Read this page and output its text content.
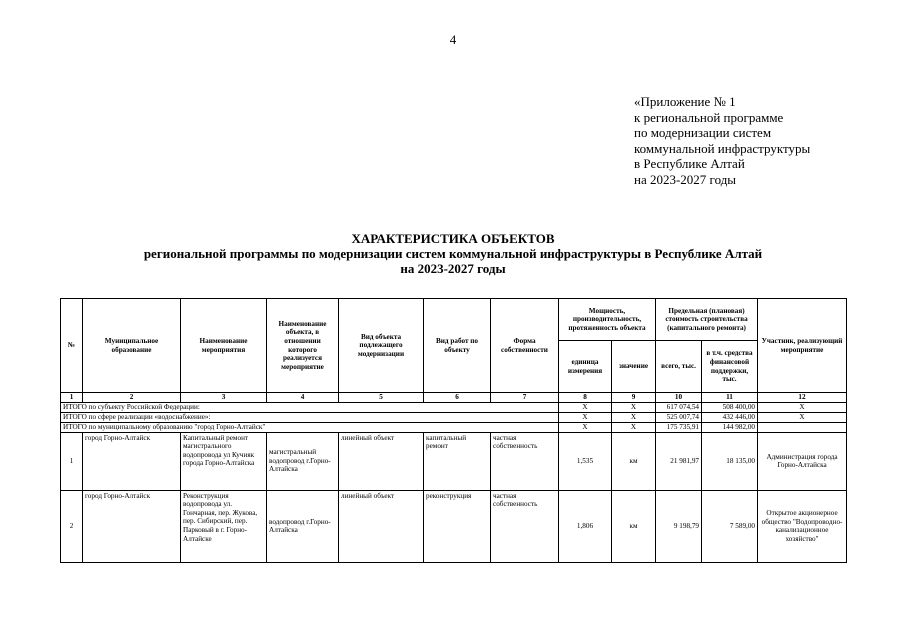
4
«Приложение № 1
к региональной программе
по модернизации систем
коммунальной инфраструктуры
в Республике Алтай
на 2023-2027 годы
ХАРАКТЕРИСТИКА ОБЪЕКТОВ
региональной программы по модернизации систем коммунальной инфраструктуры в Республике Алтай
на 2023-2027 годы
№	Муниципальное образование	Наименование мероприятия	Наименование объекта, в отношении которого реализуется мероприятие	Вид объекта подлежащего модернизации	Вид работ по объекту	Форма собственности	Мощность, производительность, протяженность объекта		Предельная (плановая) стоимость строительства (капитального ремонта)		Участник, реализующий мероприятие
							единица измерения	значение	всего, тыс.	в т.ч. средства финансовой поддержки, тыс.	
1	2	3	4	5	6	7	8	9	10	11	12
ИТОГО по субъекту Российской Федерации:							X	X	617 074,54	508 400,00	X
ИТОГО по сфере реализации «водоснабжение»:							X	X	525 007,74	432 446,00	X
ИТОГО по муниципальному образованию "город Горно-Алтайск"							X	X	175 735,91	144 982,00	
1	город Горно-Алтайск	Капитальный ремонт магистрального водопровода ул Кучияк города Горно-Алтайска	магистральный водопровод г.Горно-Алтайска	линейный объект	капитальный ремонт	частная собственность	1,535	км	21 981,97	18 135,00	Администрация города Горно-Алтайска
2	город Горно-Алтайск	Реконструкция водопровода ул. Гончарная, пер. Жукова, пер. Сибирский, пер. Парковый в г. Горно-Алтайске	водопровод г.Горно-Алтайска	линейный объект	реконструкция	частная собственность	1,806	км	9 198,79	7 589,00	Открытое акционерное общество "Водопроводно-канализационное хозяйство"
